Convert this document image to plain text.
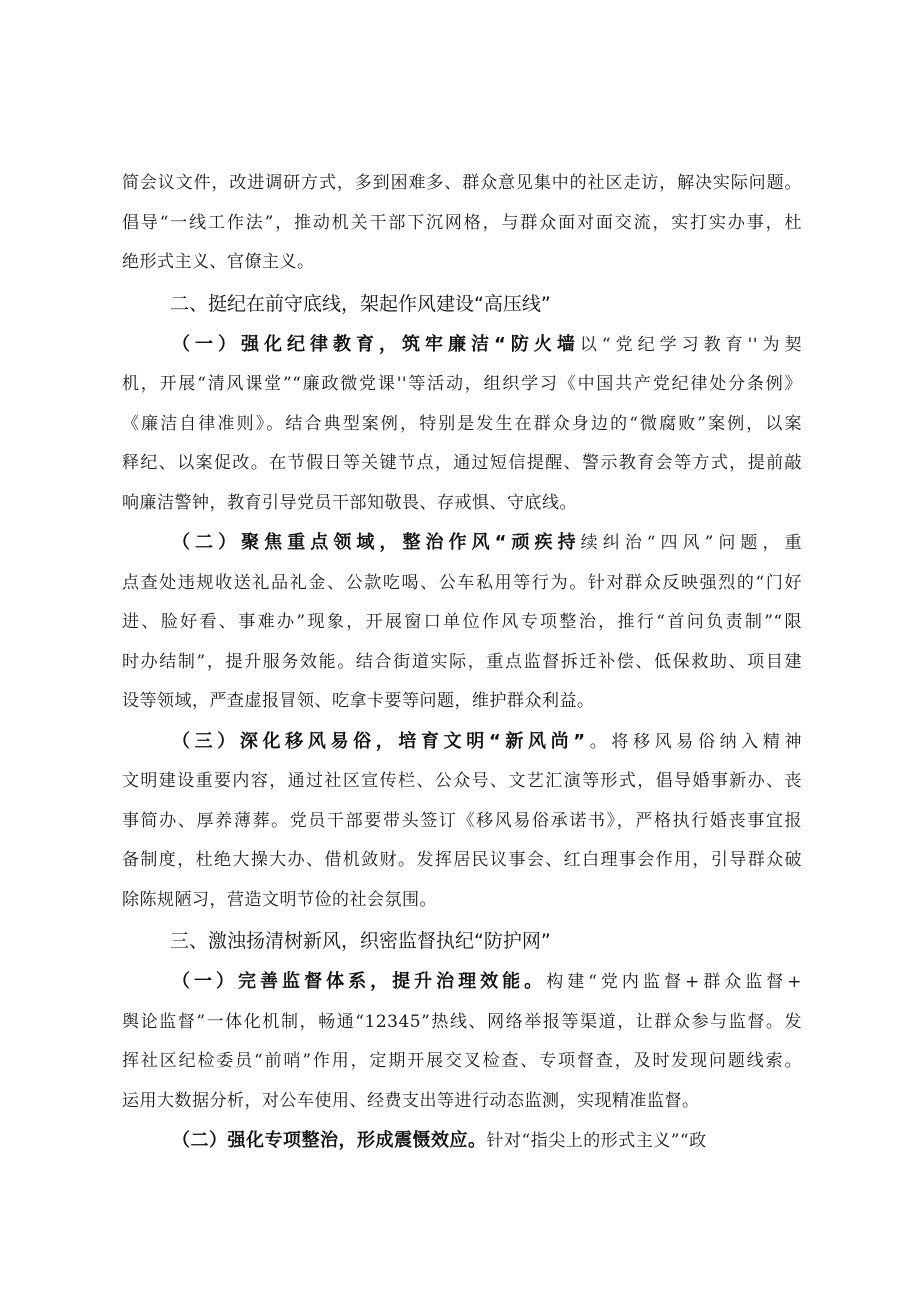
简会议文件，改进调研方式，多到困难多、群众意见集中的社区走访，解决实际问题。
倡导“一线工作法”，推动机关干部下沉网格，与群众面对面交流，实打实办事，杜
绝形式主义、官僚主义。
二、挺纪在前守底线，架起作风建设“高压线”
（一）强化纪律教育，筑牢廉洁“防火墙以“党纪学习教育''为契
机，开展“清风课堂”“廉政微党课''等活动，组织学习《中国共产党纪律处分条例》
《廉洁自律准则》。结合典型案例，特别是发生在群众身边的“微腐败”案例，以案
释纪、以案促改。在节假日等关键节点，通过短信提醒、警示教育会等方式，提前敲
响廉洁警钟，教育引导党员干部知敬畏、存戒惧、守底线。
（二）聚焦重点领域，整治作风“顽疾持续纠治“四风”问题，重
点查处违规收送礼品礼金、公款吃喝、公车私用等行为。针对群众反映强烈的“门好
进、脸好看、事难办”现象，开展窗口单位作风专项整治，推行“首问负责制”“限
时办结制”，提升服务效能。结合街道实际，重点监督拆迁补偿、低保救助、项目建
设等领域，严查虚报冒领、吃拿卡要等问题，维护群众利益。
（三）深化移风易俗，培育文明“新风尚”。将移风易俗纳入精神
文明建设重要内容，通过社区宣传栏、公众号、文艺汇演等形式，倡导婚事新办、丧
事简办、厚养薄葬。党员干部要带头签订《移风易俗承诺书》，严格执行婚丧事宜报
备制度，杜绝大操大办、借机敛财。发挥居民议事会、红白理事会作用，引导群众破
除陈规陋习，营造文明节俭的社会氛围。
三、激浊扬清树新风，织密监督执纪“防护网”
（一）完善监督体系，提升治理效能。构建“党内监督+群众监督+
舆论监督”一体化机制，畅通“12345”热线、网络举报等渠道，让群众参与监督。发
挥社区纪检委员“前哨”作用，定期开展交叉检查、专项督查，及时发现问题线索。
运用大数据分析，对公车使用、经费支出等进行动态监测，实现精准监督。
（二）强化专项整治，形成震慑效应。针对“指尖上的形式主义”“政
